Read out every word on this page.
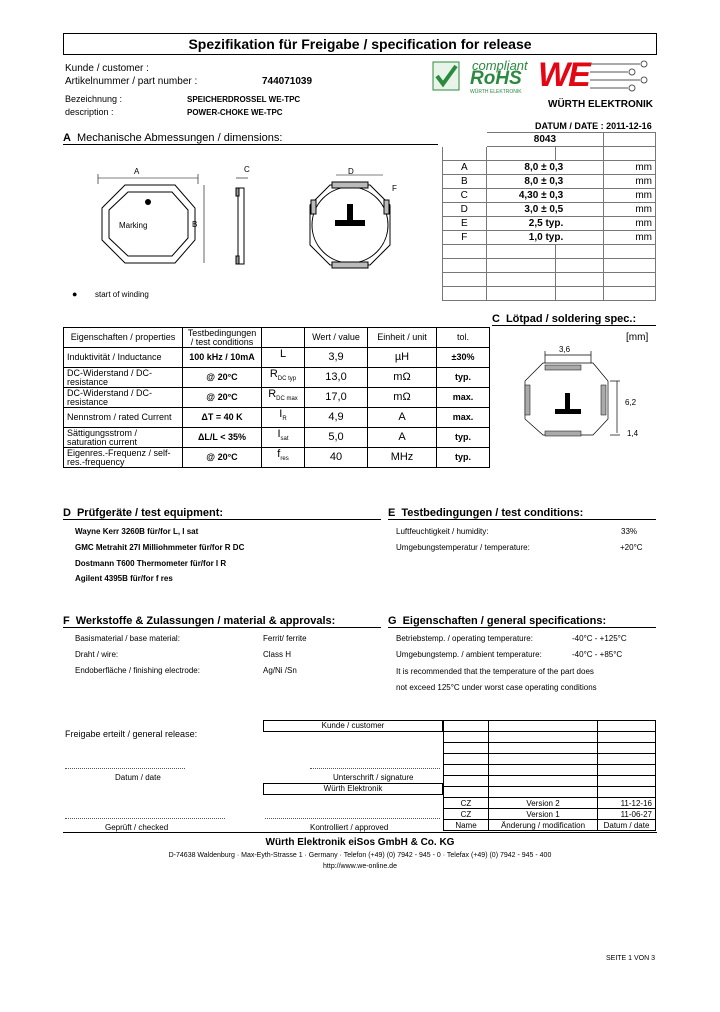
Spezifikation für Freigabe / specification for release
Kunde / customer :
Artikelnummer / part number :	744071039
Bezeichnung :	SPEICHERDROSSEL WE-TPC
description :	POWER-CHOKE WE-TPC
compliant
RoHS
WÜRTH ELEKTRONIK WE
WÜRTH ELEKTRONIK
DATUM / DATE : 2011-12-16
A Mechanische Abmessungen / dimensions:
A
B
C	D
F
Marking
● start of winding
	8043		

A	8,0 ± 0,3		mm
B	8,0 ± 0,3		mm
C	4,30 ± 0,3		mm
D	3,0 ± 0,5		mm
E	2,5 typ.		mm
F	1,0 typ.		mm

Eigenschaften / properties	Testbedingungen / test conditions		Wert / value	Einheit / unit	tol.
Induktivität / Inductance	100 kHz / 10mA	L	3,9	µH	±30%
DC-Widerstand / DC-resistance	@ 20°C	$R_{DC typ}$	13,0	mΩ	typ.
DC-Widerstand / DC-resistance	@ 20°C	$R_{DC max}$	17,0	mΩ	max.
Nennstrom / rated Current	ΔT = 40 K	$I_R$	4,9	A	max.
Sättigungsstrom / saturation current	ΔL/L < 35%	$I_{sat}$	5,0	A	typ.
Eigenres.-Frequenz / self-res.-frequency	@ 20°C	$f_{res}$	40	MHz	typ.
C Lötpad / soldering spec.:
[mm]
3,6
6,2
1,4
D Prüfgeräte / test equipment:
Wayne Kerr 3260B für/for L, I sat
GMC Metrahit 27I Milliohmmeter für/for R DC
Dostmann T600 Thermometer für/for I R
Agilent 4395B für/for f res
E Testbedingungen / test conditions:
Luftfeuchtigkeit / humidity:	33%
Umgebungstemperatur / temperature:	+20°C
F Werkstoffe & Zulassungen / material & approvals:
Basismaterial / base material:	Ferrit/ ferrite
Draht / wire:	Class H
Endoberfläche / finishing electrode:	Ag/Ni /Sn
G Eigenschaften / general specifications:
Betriebstemp. / operating temperature:	-40°C - +125°C
Umgebungstemp. / ambient temperature:	-40°C - +85°C
It is recommended that the temperature of the part does
not exceed 125°C under worst case operating conditions
Freigabe erteilt / general release:
Datum / date	Unterschrift / signature
Geprüft / checked	Kontrolliert / approved
Kunde / customer
Würth Elektronik

CZ	Version 2	11-12-16
CZ	Version 1	11-06-27
Name	Änderung / modification	Datum / date
Würth Elektronik eiSos GmbH & Co. KG
D-74638 Waldenburg · Max-Eyth-Strasse 1 · Germany · Telefon (+49) (0) 7942 - 945 - 0 · Telefax (+49) (0) 7942 - 945 - 400
http://www.we-online.de
SEITE 1 VON 3
